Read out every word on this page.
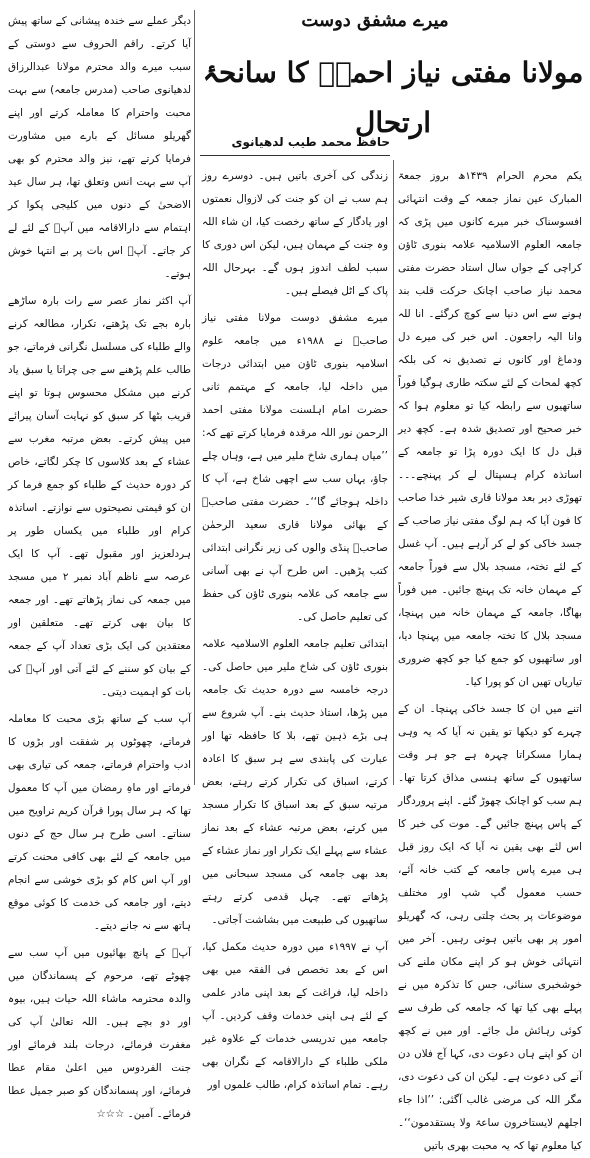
میرے مشفق دوست
مولانا مفتی نیاز احمدؒ کا سانحۂ ارتحال
حافظ محمد طیب لدھیانوی

یکم محرم الحرام ۱۴۳۹ھ بروز جمعۃ المبارک عین نماز جمعہ کے وقت انتہائی افسوسناک خبر میرے کانوں میں پڑی کہ جامعہ العلوم الاسلامیہ علامہ بنوری ٹاؤن کراچی کے جواں سال استاد حضرت مفتی محمد نیاز صاحب اچانک حرکت قلب بند ہونے سے اس دنیا سے کوچ کرگئے۔ انا للہ وانا الیہ راجعون۔ اس خبر کی میرے دل ودماغ اور کانوں نے تصدیق نہ کی بلکہ کچھ لمحات کے لئے سکتہ طاری ہوگیا فوراً ساتھیوں سے رابطہ کیا تو معلوم ہوا کہ خبر صحیح اور تصدیق شدہ ہے۔ کچھ دیر قبل دل کا ایک دورہ پڑا تو جامعہ کے اساتذہ کرام ہسپتال لے کر پہنچے۔۔۔ تھوڑی دیر بعد مولانا قاری شیر خدا صاحب کا فون آیا کہ ہم لوگ مفتی نیاز صاحب کے جسد خاکی کو لے کر آرہے ہیں۔ آپ غسل کے لئے تختہ، مسجد بلال سے فوراً جامعہ کے مہمان خانہ تک پہنچ جائیں۔ میں فوراً بھاگا، جامعہ کے مہمان خانہ میں پہنچا، مسجد بلال کا تختہ جامعہ میں پہنچا دیا، اور ساتھیوں کو جمع کیا جو کچھ ضروری تیاریاں تھیں ان کو پورا کیا۔

اتنے میں ان کا جسد خاکی پہنچا۔ ان کے چہرے کو دیکھا تو یقین نہ آیا کہ یہ وہی ہمارا مسکراتا چہرہ ہے جو ہر وقت ساتھیوں کے ساتھ ہنسی مذاق کرتا تھا۔ ہم سب کو اچانک چھوڑ گئے۔ اپنے پروردگار کے پاس پہنچ جائیں گے۔ موت کی خبر کا اس لئے بھی یقین نہ آیا کہ ایک روز قبل ہی میرے پاس جامعہ کے کتب خانہ آئے، حسب معمول گپ شپ اور مختلف موضوعات پر بحث چلتی رہی، کہ گھریلو امور پر بھی باتیں ہوتی رہیں۔ آخر میں انتہائی خوش ہو کر اپنے مکان ملنے کی خوشخبری سنائی، جس کا تذکرہ میں نے پہلے بھی کیا تھا کہ جامعہ کی طرف سے کوئی رہائش مل جائے۔ اور میں نے کچھ ان کو اپنے ہاں دعوت دی، کہا آج فلاں دن آنے کی دعوت ہے۔ لیکن ان کی دعوت دی، مگر اللہ کی مرضی غالب آگئی: ’’اذا جاء اجلھم لایستاخرون ساعۃ ولا یستقدمون‘‘۔ کیا معلوم تھا کہ یہ محبت بھری باتیں

زندگی کی آخری باتیں ہیں۔ دوسرے روز ہم سب نے ان کو جنت کی لازوال نعمتوں اور یادگار کے ساتھ رخصت کیا، ان شاء اللہ وہ جنت کے مہمان ہیں، لیکن اس دوری کا سبب لطف اندوز ہوں گے۔ بہرحال اللہ پاک کے اٹل فیصلے ہیں۔

میرے مشفق دوست مولانا مفتی نیاز صاحبؒ نے ۱۹۸۸ء میں جامعہ علوم اسلامیہ بنوری ٹاؤن میں ابتدائی درجات میں داخلہ لیا، جامعہ کے مہتمم ثانی حضرت امام اہلسنت مولانا مفتی احمد الرحمن نور اللہ مرقدہ فرمایا کرتے تھے کہ: ’’میاں ہماری شاخ ملیر میں ہے، وہاں چلے جاؤ، یہاں سب سے اچھی شاخ ہے، آپ کا داخلہ ہوجائے گا‘‘۔ حضرت مفتی صاحبؒ کے بھائی مولانا قاری سعید الرحمٰن صاحبؒ پنڈی والوں کی زیر نگرانی ابتدائی کتب پڑھیں۔ اس طرح آپ نے بھی آسانی سے جامعہ کی علامہ بنوری ٹاؤن کی حفظ کی تعلیم حاصل کی۔

ابتدائی تعلیم جامعہ العلوم الاسلامیہ علامہ بنوری ٹاؤن کی شاخ ملیر میں حاصل کی۔ درجہ خامسہ سے دورہ حدیث تک جامعہ میں پڑھا، استاذ حدیث بنے۔ آپ شروع سے ہی بڑے ذہین تھے، بلا کا حافظہ تھا اور عبارت کی پابندی سے ہر سبق کا اعادہ کرتے، اسباق کی تکرار کرتے رہتے، بعض مرتبہ سبق کے بعد اسباق کا تکرار مسجد میں کرتے، بعض مرتبہ عشاء کے بعد نماز عشاء سے پہلے ایک تکرار اور نماز عشاء کے بعد بھی جامعہ کی مسجد سبحانی میں پڑھاتے تھے۔ چہل قدمی کرتے رہتے ساتھیوں کی طبیعت میں بشاشت آجاتی۔

آپ نے ۱۹۹۷ء میں دورہ حدیث مکمل کیا، اس کے بعد تخصص فی الفقہ میں بھی داخلہ لیا، فراغت کے بعد اپنی مادر علمی کے لئے ہی اپنی خدمات وقف کردیں۔ آپ جامعہ میں تدریسی خدمات کے علاوہ غیر ملکی طلباء کے دارالاقامہ کے نگران بھی رہے۔ تمام اساتذہ کرام، طالب علموں اور

دیگر عملے سے خندہ پیشانی کے ساتھ پیش آیا کرتے۔ راقم الحروف سے دوستی کے سبب میرے والد محترم مولانا عبدالرزاق لدھیانوی صاحب (مدرس جامعہ) سے بہت محبت واحترام کا معاملہ کرتے اور اپنے گھریلو مسائل کے بارے میں مشاورت فرمایا کرتے تھے، نیز والد محترم کو بھی آپ سے بہت انس وتعلق تھا، ہر سال عید الاضحیٰ کے دنوں میں کلیجی پکوا کر اہتمام سے دارالاقامہ میں آپؒ کے لئے لے کر جاتے۔ آپؒ اس بات پر بے انتہا خوش ہوتے۔

آپ اکثر نماز عصر سے رات بارہ ساڑھے بارہ بجے تک پڑھتے، تکرار، مطالعہ کرنے والے طلباء کی مسلسل نگرانی فرماتے، جو طالب علم پڑھنے سے جی چراتا یا سبق یاد کرنے میں مشکل محسوس ہوتا تو اپنے قریب بٹھا کر سبق کو نہایت آسان پیرائے میں پیش کرتے۔ بعض مرتبہ مغرب سے عشاء کے بعد کلاسوں کا چکر لگاتے، خاص کر دورہ حدیث کے طلباء کو جمع فرما کر ان کو قیمتی نصیحتوں سے نوازتے۔ اساتذہ کرام اور طلباء میں یکساں طور پر ہردلعزیز اور مقبول تھے۔ آپ کا ایک عرصہ سے ناظم آباد نمبر ۲ میں مسجد میں جمعہ کی نماز پڑھاتے تھے۔ اور جمعہ کا بیان بھی کرتے تھے۔ متعلقین اور معتقدین کی ایک بڑی تعداد آپ کے جمعہ کے بیان کو سننے کے لئے آتی اور آپؒ کی بات کو اہمیت دیتی۔

آپ سب کے ساتھ بڑی محبت کا معاملہ فرماتے، چھوٹوں پر شفقت اور بڑوں کا ادب واحترام فرماتے، جمعہ کی تیاری بھی فرماتے اور ماہِ رمضان میں آپ کا معمول تھا کہ ہر سال پورا قرآن کریم تراویح میں سناتے۔ اسی طرح ہر سال حج کے دنوں میں جامعہ کے لئے بھی کافی محنت کرتے اور آپ اس کام کو بڑی خوشی سے انجام دیتے، اور جامعہ کی خدمت کا کوئی موقع ہاتھ سے نہ جانے دیتے۔

آپؒ کے پانچ بھائیوں میں آپ سب سے چھوٹے تھے، مرحوم کے پسماندگان میں والدہ محترمہ ماشاء اللہ حیات ہیں، بیوہ اور دو بچے ہیں۔ اللہ تعالیٰ آپ کی مغفرت فرمائے، درجات بلند فرمائے اور جنت الفردوس میں اعلیٰ مقام عطا فرمائے، اور پسماندگان کو صبر جمیل عطا فرمائے۔ آمین۔ ☆☆☆
